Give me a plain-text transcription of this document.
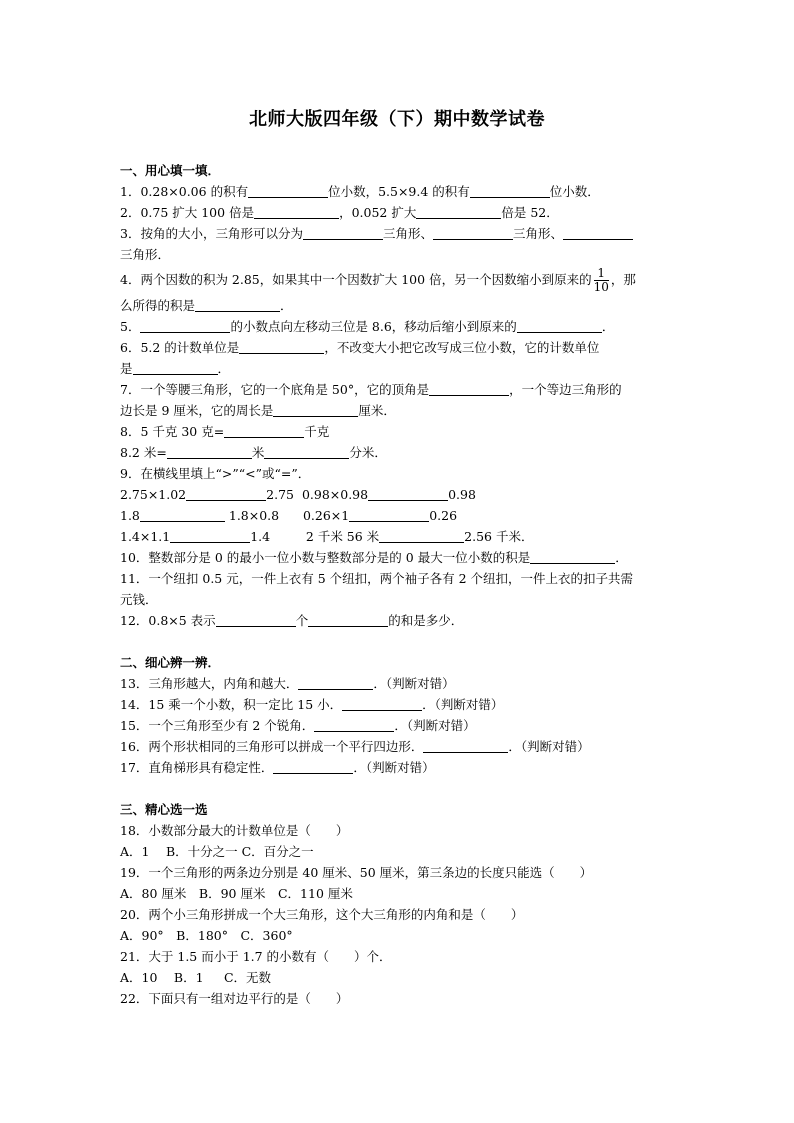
北师大版四年级（下）期中数学试卷
一、用心填一填．
1．0.28×0.06 的积有	位小数，5.5×9.4 的积有	位小数．
2．0.75 扩大 100 倍是	，0.052 扩大	倍是 52．
3．按角的大小，三角形可以分为	三角形、	三角形、
三角形．
4．两个因数的积为 2.85，如果其中一个因数扩大 100 倍，另一个因数缩小到原来的 $\frac{1}{10}$ ，那
么所得的积是	．
5．	的小数点向左移动三位是 8.6，移动后缩小到原来的	．
6．5.2 的计数单位是	，不改变大小把它改写成三位小数，它的计数单位
是	．
7．一个等腰三角形，它的一个底角是 50°，它的顶角是	，一个等边三角形的
边长是 9 厘米，它的周长是	厘米．
8．5 千克 30 克=	千克
8.2 米=	米	分米．
9．在横线里填上“>”“<”或“=”．
2.75×1.02	2.75 0.98×0.98	0.98
1.8	1.8×0.8 0.26×1	0.26
1.4×1.1	1.4	2 千米 56 米	2.56 千米．
10．整数部分是 0 的最小一位小数与整数部分是的 0 最大一位小数的积是	．
11．一个纽扣 0.5 元，一件上衣有 5 个纽扣，两个袖子各有 2 个纽扣，一件上衣的扣子共需
元钱．
12．0.8×5 表示	个	的和是多少．
二、细心辨一辨．
13．三角形越大，内角和越大．	．（判断对错）
14．15 乘一个小数，积一定比 15 小．	．（判断对错）
15．一个三角形至少有 2 个锐角．	．（判断对错）
16．两个形状相同的三角形可以拼成一个平行四边形．	．（判断对错）
17．直角梯形具有稳定性．	．（判断对错）
三、精心选一选
18．小数部分最大的计数单位是（　　）
A．1　 B．十分之一 C．百分之一
19．一个三角形的两条边分别是 40 厘米、50 厘米，第三条边的长度只能选（　　）
A．80 厘米　B．90 厘米　C．110 厘米
20．两个小三角形拼成一个大三角形，这个大三角形的内角和是（　　）
A．90°　B．180°　C．360°
21．大于 1.5 而小于 1.7 的小数有（　　）个．
A．10　 B．1 　 C．无数
22．下面只有一组对边平行的是（　　）
